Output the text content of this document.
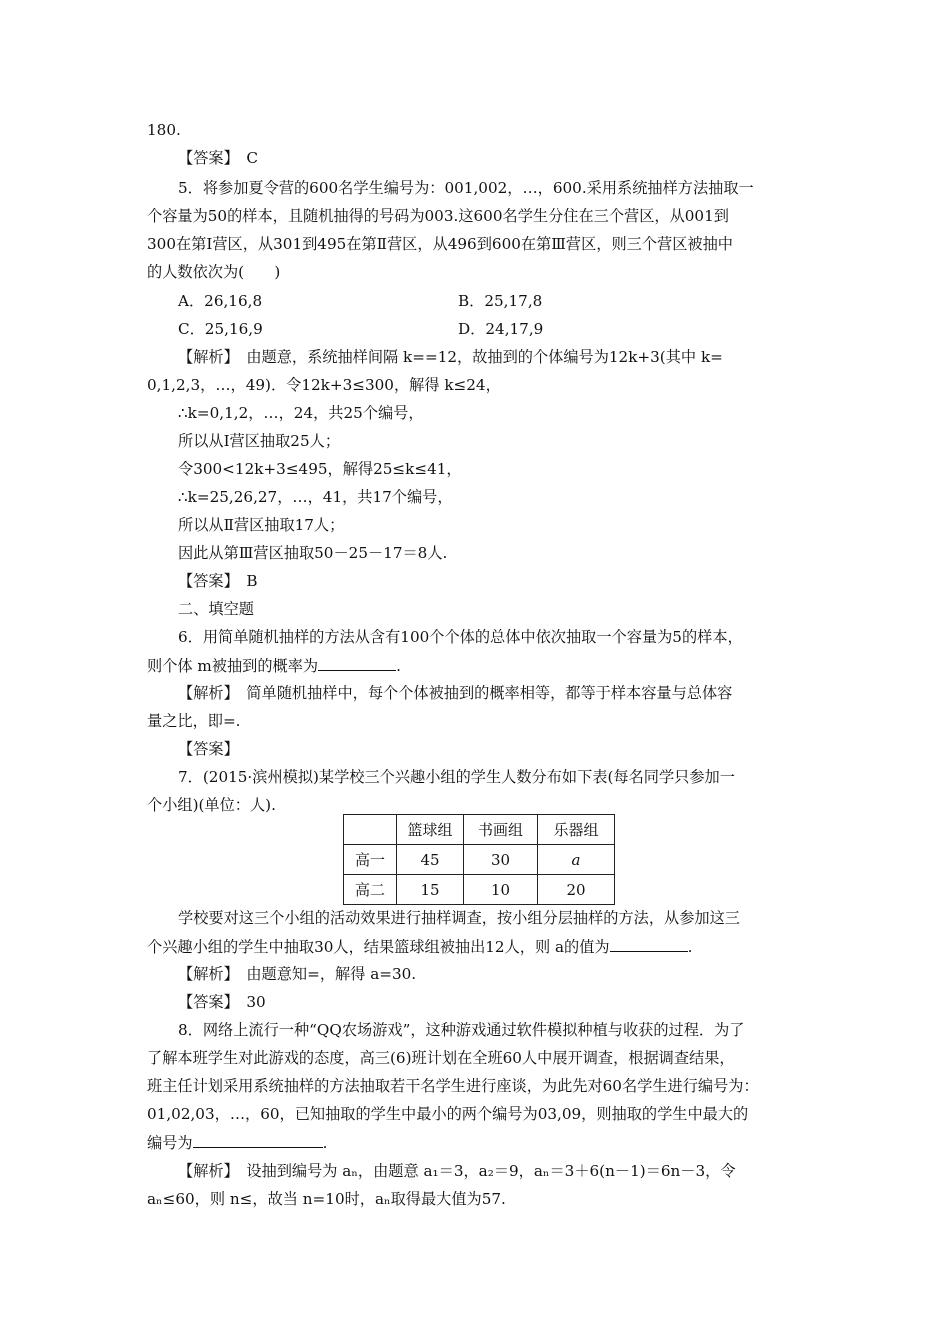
180.
【答案】　C
5．将参加夏令营的600名学生编号为：001,002，…，600.采用系统抽样方法抽取一
个容量为50的样本，且随机抽得的号码为003.这600名学生分住在三个营区，从001到
300在第Ⅰ营区，从301到495在第Ⅱ营区，从496到600在第Ⅲ营区，则三个营区被抽中
的人数依次为(　　)
A．26,16,8	B．25,17,8
C．25,16,9	D．24,17,9
【解析】　由题意，系统抽样间隔 k==12，故抽到的个体编号为12k+3(其中 k=
0,1,2,3，…，49)．令12k+3≤300，解得 k≤24，
∴k=0,1,2，…，24，共25个编号，
所以从Ⅰ营区抽取25人；
令300<12k+3≤495，解得25≤k≤41，
∴k=25,26,27，…，41，共17个编号，
所以从Ⅱ营区抽取17人；
因此从第Ⅲ营区抽取50－25－17＝8人.
【答案】　B
二、填空题
6．用简单随机抽样的方法从含有100个个体的总体中依次抽取一个容量为5的样本，
则个体 m被抽到的概率为	.
【解析】　简单随机抽样中，每个个体被抽到的概率相等，都等于样本容量与总体容
量之比，即=.
【答案】
7．(2015·滨州模拟)某学校三个兴趣小组的学生人数分布如下表(每名同学只参加一
个小组)(单位：人).
	篮球组	书画组	乐器组
高一	45	30	a
高二	15	10	20
学校要对这三个小组的活动效果进行抽样调查，按小组分层抽样的方法，从参加这三
个兴趣小组的学生中抽取30人，结果篮球组被抽出12人，则 a的值为	.
【解析】　由题意知=，解得 a=30.
【答案】　30
8．网络上流行一种“QQ农场游戏”，这种游戏通过软件模拟种植与收获的过程．为了
了解本班学生对此游戏的态度，高三(6)班计划在全班60人中展开调查，根据调查结果，
班主任计划采用系统抽样的方法抽取若干名学生进行座谈，为此先对60名学生进行编号为：
01,02,03，…，60，已知抽取的学生中最小的两个编号为03,09，则抽取的学生中最大的
编号为	.
【解析】　设抽到编号为 aₙ，由题意 a₁＝3，a₂＝9，aₙ＝3＋6(n－1)＝6n－3，令
aₙ≤60，则 n≤，故当 n=10时，aₙ取得最大值为57.
